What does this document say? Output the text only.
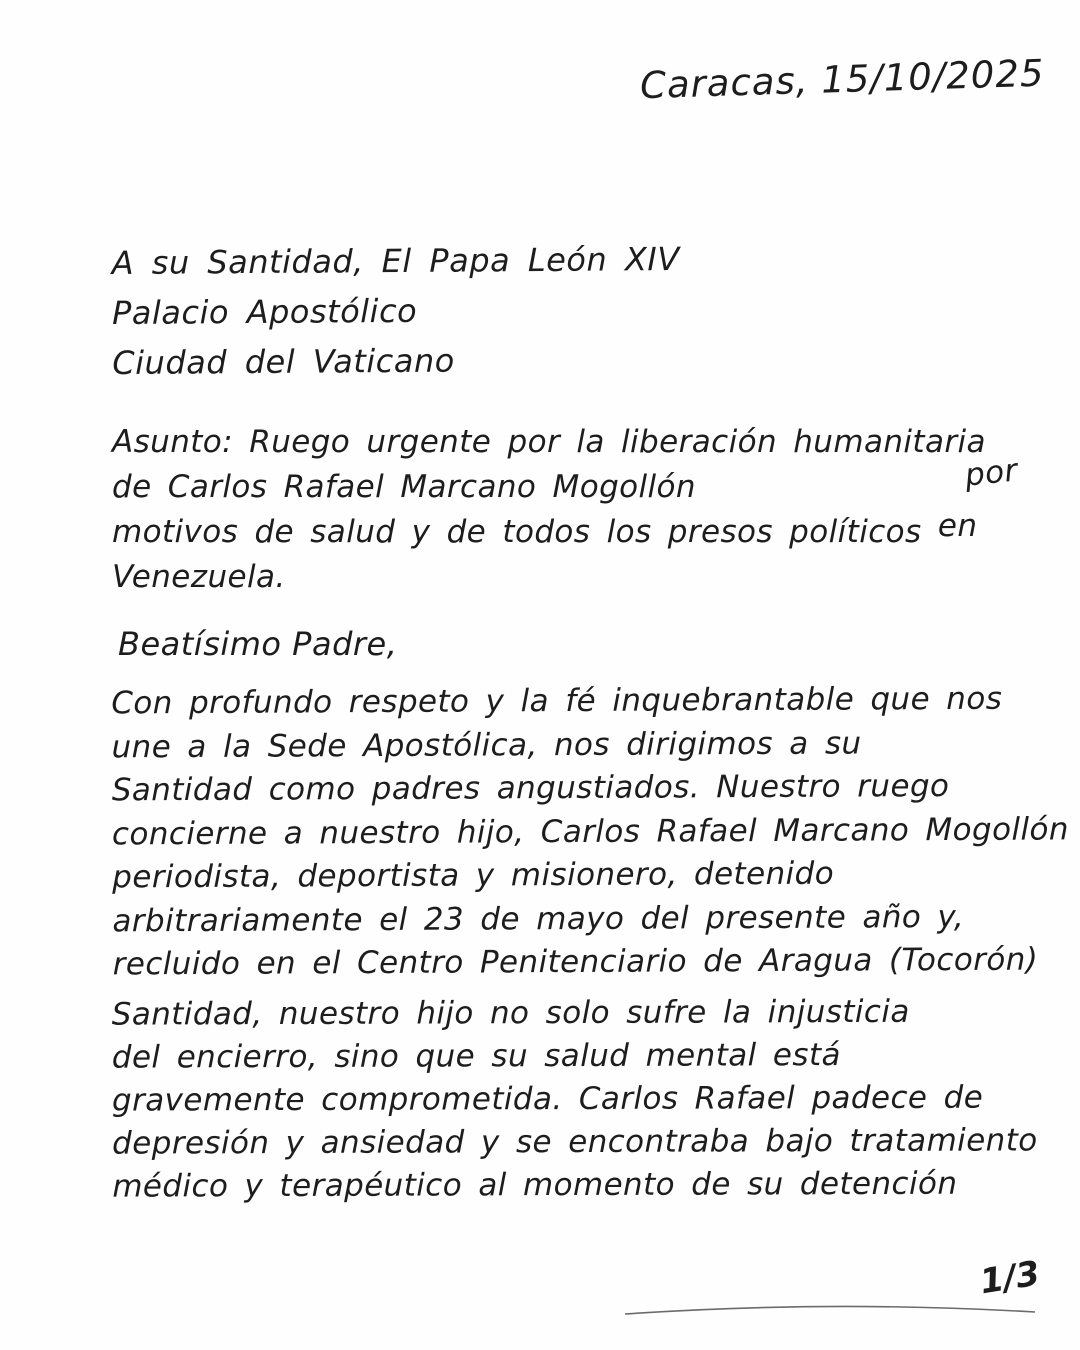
Caracas, 15/10/2025
A su Santidad, El Papa León XIV
Palacio Apostólico
Ciudad del Vaticano
Asunto: Ruego urgente por la liberación humanitaria
de Carlos Rafael Marcano Mogollón	por
motivos de salud y de todos los presos políticos en
Venezuela.
Beatísimo Padre,
Con profundo respeto y la fé inquebrantable que nos
une a la Sede Apostólica, nos dirigimos a su
Santidad como padres angustiados. Nuestro ruego
concierne a nuestro hijo, Carlos Rafael Marcano Mogollón
periodista, deportista y misionero, detenido
arbitrariamente el 23 de mayo del presente año y,
recluido en el Centro Penitenciario de Aragua (Tocorón)
Santidad, nuestro hijo no solo sufre la injusticia
del encierro, sino que su salud mental está
gravemente comprometida. Carlos Rafael padece de
depresión y ansiedad y se encontraba bajo tratamiento
médico y terapéutico al momento de su detención
1/3
